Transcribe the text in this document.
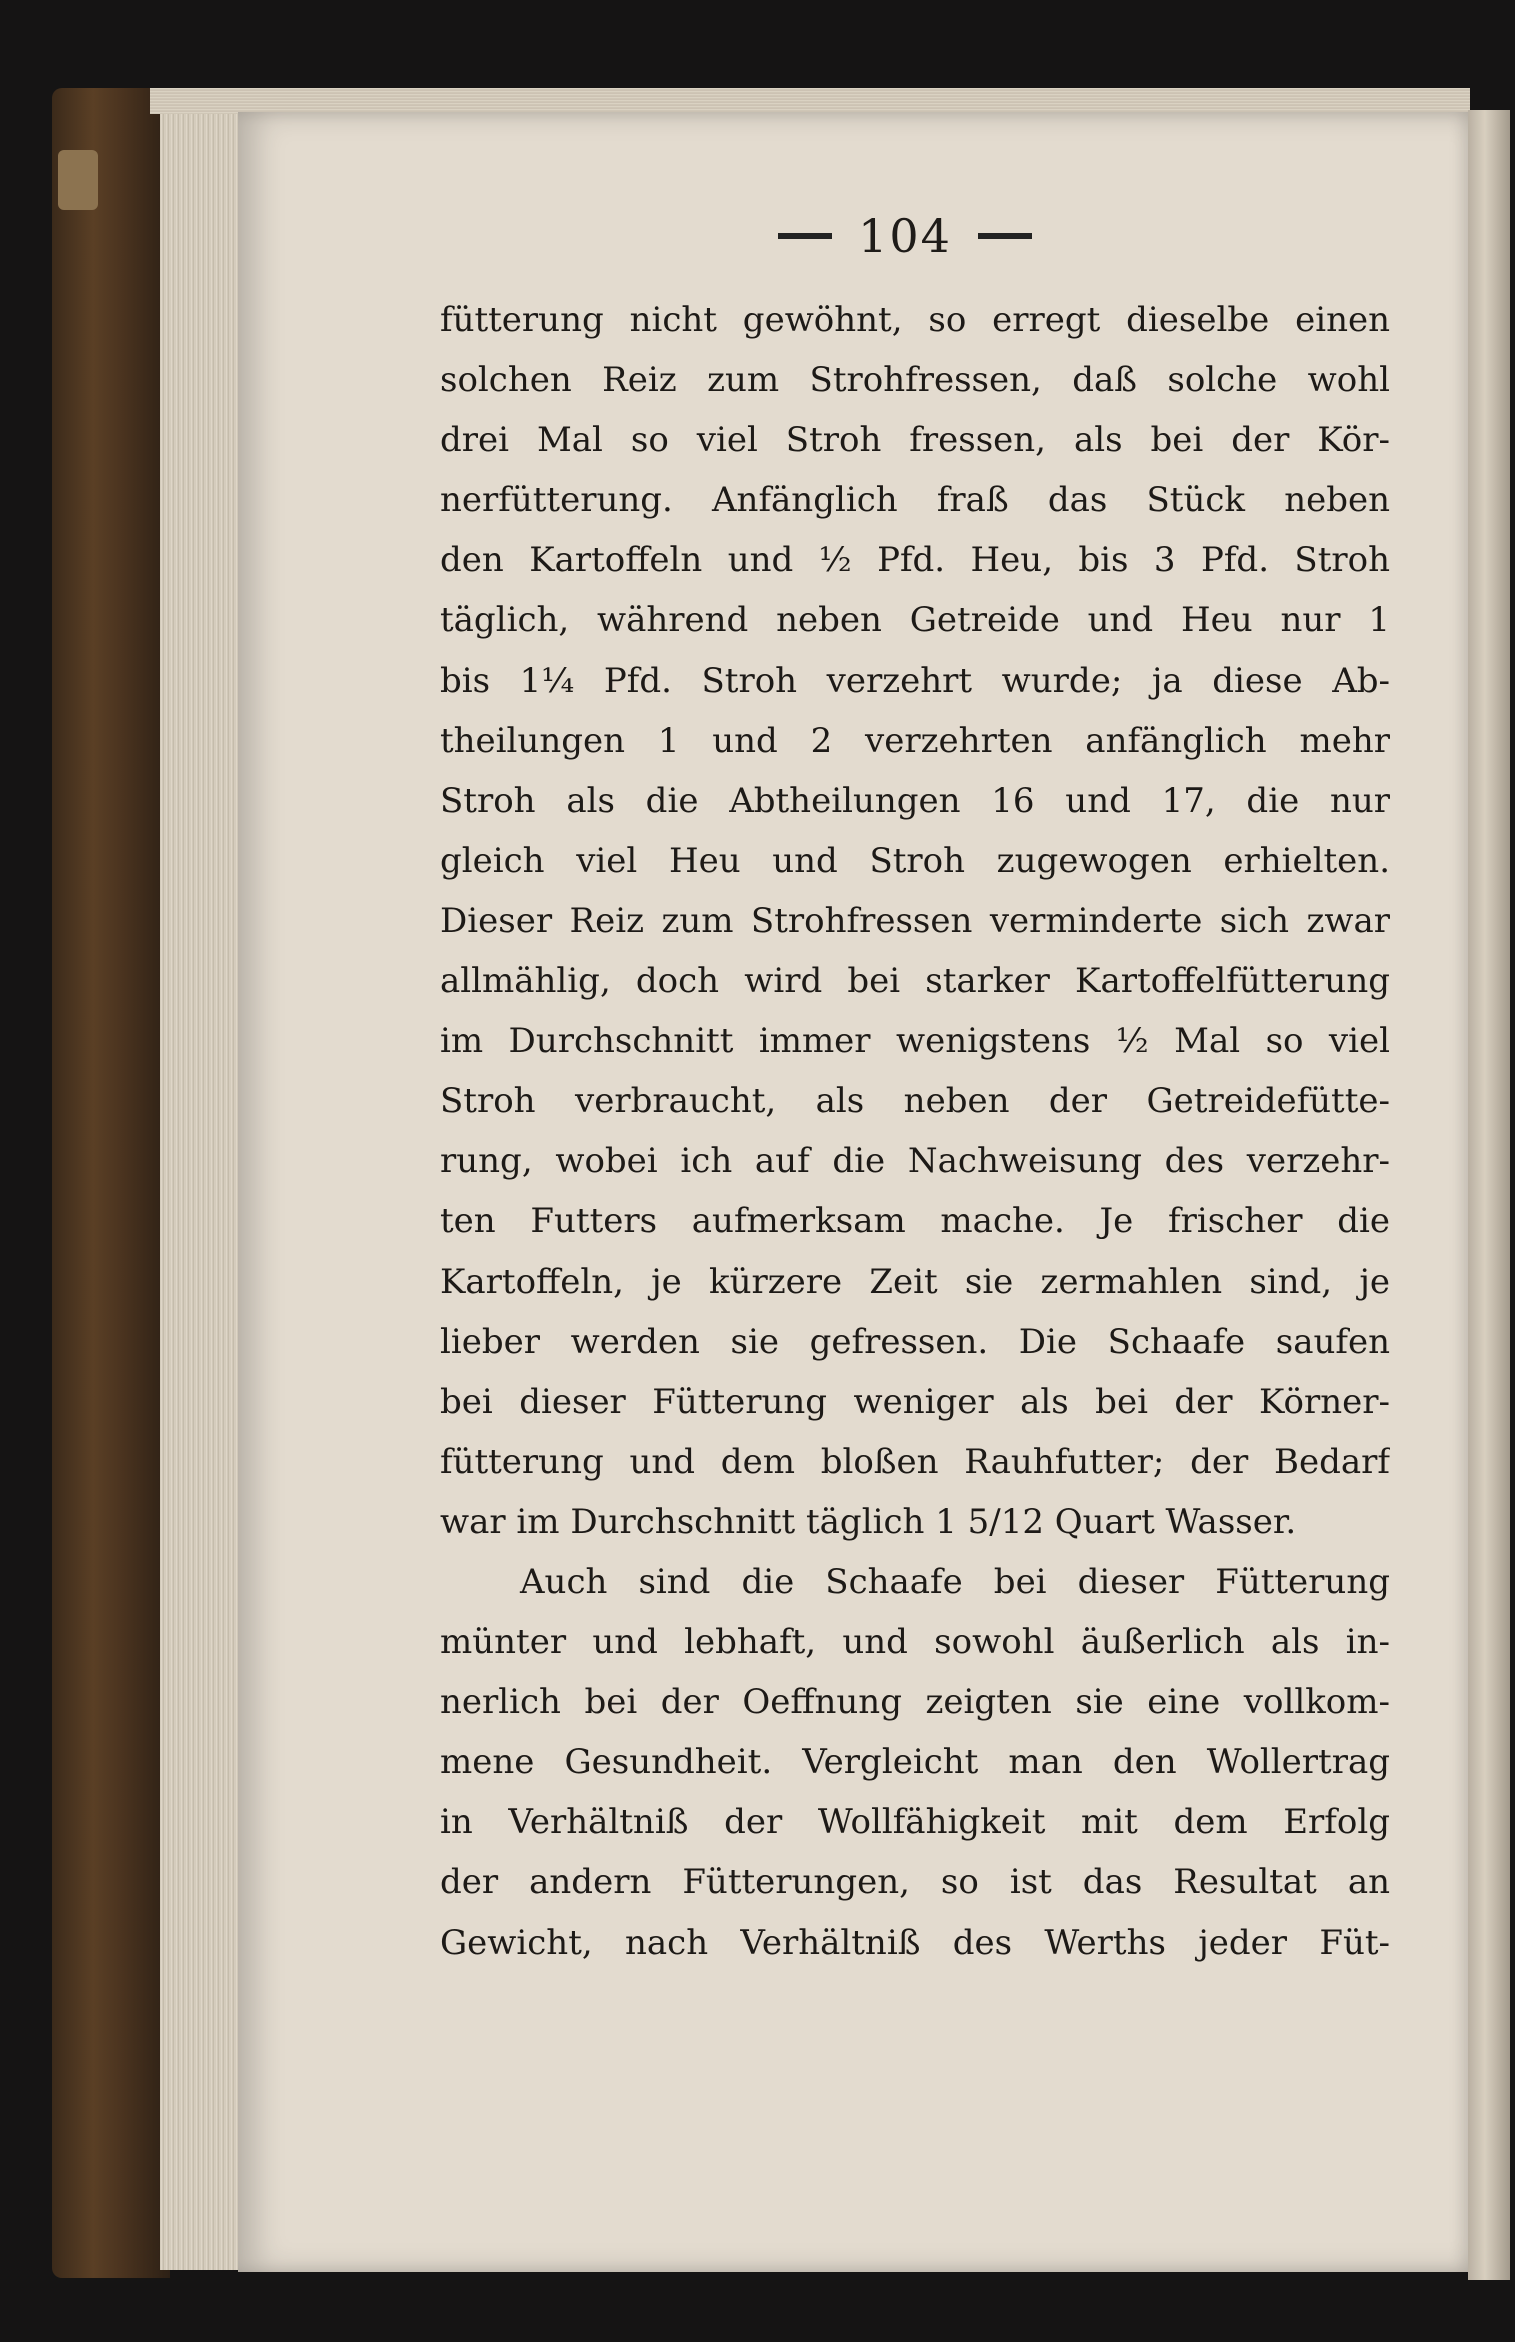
104
fütterung nicht gewöhnt, so erregt dieselbe einen
solchen Reiz zum Strohfressen, daß solche wohl
drei Mal so viel Stroh fressen, als bei der Kör-
nerfütterung. Anfänglich fraß das Stück neben
den Kartoffeln und ½ Pfd. Heu, bis 3 Pfd. Stroh
täglich, während neben Getreide und Heu nur 1
bis 1¼ Pfd. Stroh verzehrt wurde; ja diese Ab-
theilungen 1 und 2 verzehrten anfänglich mehr
Stroh als die Abtheilungen 16 und 17, die nur
gleich viel Heu und Stroh zugewogen erhielten.
Dieser Reiz zum Strohfressen verminderte sich zwar
allmählig, doch wird bei starker Kartoffelfütterung
im Durchschnitt immer wenigstens ½ Mal so viel
Stroh verbraucht, als neben der Getreidefütte-
rung, wobei ich auf die Nachweisung des verzehr-
ten Futters aufmerksam mache. Je frischer die
Kartoffeln, je kürzere Zeit sie zermahlen sind, je
lieber werden sie gefressen. Die Schaafe saufen
bei dieser Fütterung weniger als bei der Körner-
fütterung und dem bloßen Rauhfutter; der Bedarf
war im Durchschnitt täglich 1 5/12 Quart Wasser.
Auch sind die Schaafe bei dieser Fütterung
münter und lebhaft, und sowohl äußerlich als in-
nerlich bei der Oeffnung zeigten sie eine vollkom-
mene Gesundheit. Vergleicht man den Wollertrag
in Verhältniß der Wollfähigkeit mit dem Erfolg
der andern Fütterungen, so ist das Resultat an
Gewicht, nach Verhältniß des Werths jeder Füt-
